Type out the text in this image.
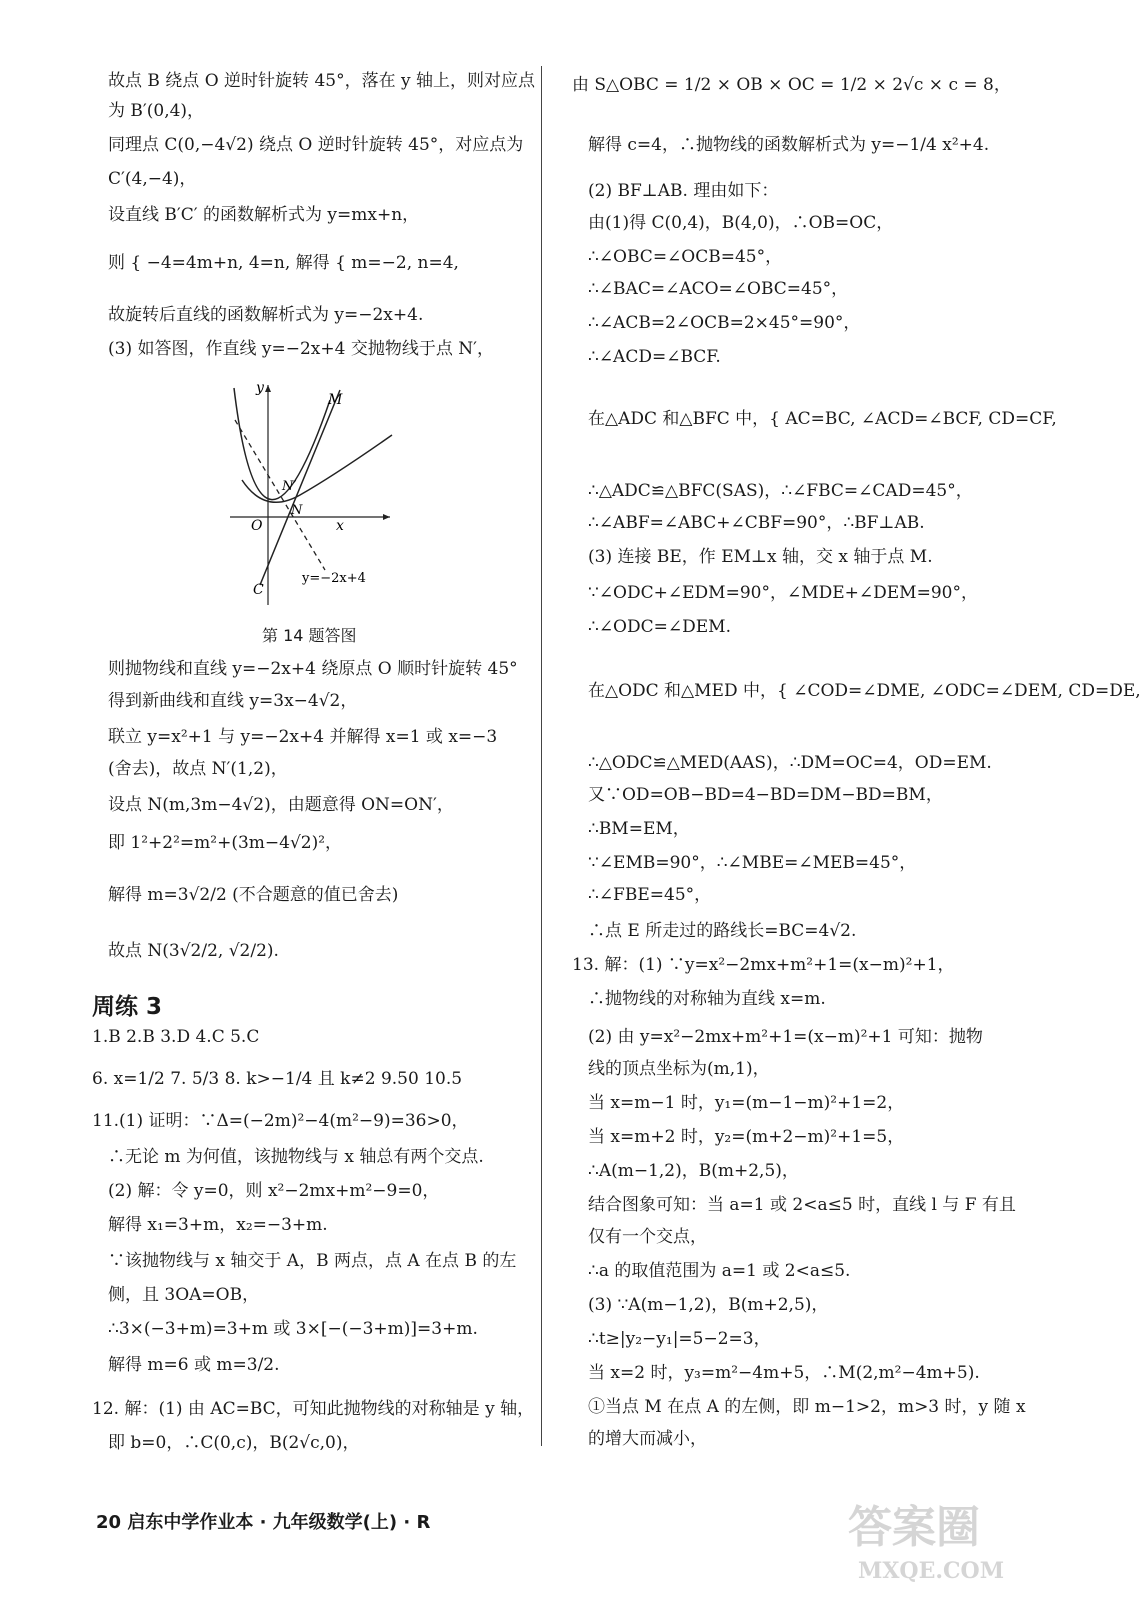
故点 B 绕点 O 逆时针旋转 45°，落在 y 轴上，则对应点
为 B′(0,4)，
同理点 C(0,−4√2) 绕点 O 逆时针旋转 45°，对应点为
C′(4,−4)，
设直线 B′C′ 的函数解析式为 y=mx+n，
则 { −4=4m+n, 4=n, 解得 { m=−2, n=4,
故旋转后直线的函数解析式为 y=−2x+4.
(3) 如答图，作直线 y=−2x+4 交抛物线于点 N′，
则抛物线和直线 y=−2x+4 绕原点 O 顺时针旋转 45°
得到新曲线和直线 y=3x−4√2，
联立 y=x²+1 与 y=−2x+4 并解得 x=1 或 x=−3
(舍去)，故点 N′(1,2)，
设点 N(m,3m−4√2)，由题意得 ON=ON′，
即 1²+2²=m²+(3m−4√2)²，
解得 m=3√2/2 (不合题意的值已舍去)
故点 N(3√2/2, √2/2).
1.B 2.B 3.D 4.C 5.C
6. x=1/2 7. 5/3 8. k>−1/4 且 k≠2 9.50 10.5
11.(1) 证明：∵Δ=(−2m)²−4(m²−9)=36>0，
∴无论 m 为何值，该抛物线与 x 轴总有两个交点.
(2) 解：令 y=0，则 x²−2mx+m²−9=0，
解得 x₁=3+m，x₂=−3+m.
∵该抛物线与 x 轴交于 A，B 两点，点 A 在点 B 的左
侧，且 3OA=OB，
∴3×(−3+m)=3+m 或 3×[−(−3+m)]=3+m.
解得 m=6 或 m=3/2.
12. 解：(1) 由 AC=BC，可知此抛物线的对称轴是 y 轴，
即 b=0，∴C(0,c)，B(2√c,0)，
由 S△OBC = 1/2 × OB × OC = 1/2 × 2√c × c = 8，
解得 c=4，∴抛物线的函数解析式为 y=−1/4 x²+4.
(2) BF⊥AB. 理由如下：
由(1)得 C(0,4)，B(4,0)，∴OB=OC，
∴∠OBC=∠OCB=45°，
∴∠BAC=∠ACO=∠OBC=45°，
∴∠ACB=2∠OCB=2×45°=90°，
∴∠ACD=∠BCF.
在△ADC 和△BFC 中，{ AC=BC, ∠ACD=∠BCF, CD=CF,
∴△ADC≌△BFC(SAS)，∴∠FBC=∠CAD=45°，
∴∠ABF=∠ABC+∠CBF=90°，∴BF⊥AB.
(3) 连接 BE，作 EM⊥x 轴，交 x 轴于点 M.
∵∠ODC+∠EDM=90°，∠MDE+∠DEM=90°，
∴∠ODC=∠DEM.
在△ODC 和△MED 中，{ ∠COD=∠DME, ∠ODC=∠DEM, CD=DE,
∴△ODC≌△MED(AAS)，∴DM=OC=4，OD=EM.
又∵OD=OB−BD=4−BD=DM−BD=BM，
∴BM=EM，
∵∠EMB=90°，∴∠MBE=∠MEB=45°，
∴∠FBE=45°，
∴点 E 所走过的路线长=BC=4√2.
13. 解：(1) ∵y=x²−2mx+m²+1=(x−m)²+1，
∴抛物线的对称轴为直线 x=m.
(2) 由 y=x²−2mx+m²+1=(x−m)²+1 可知：抛物
线的顶点坐标为(m,1)，
当 x=m−1 时，y₁=(m−1−m)²+1=2，
当 x=m+2 时，y₂=(m+2−m)²+1=5，
∴A(m−1,2)，B(m+2,5)，
结合图象可知：当 a=1 或 2<a≤5 时，直线 l 与 F 有且
仅有一个交点，
∴a 的取值范围为 a=1 或 2<a≤5.
(3) ∵A(m−1,2)，B(m+2,5)，
∴t≥|y₂−y₁|=5−2=3，
当 x=2 时，y₃=m²−4m+5，∴M(2,m²−4m+5).
①当点 M 在点 A 的左侧，即 m−1>2，m>3 时，y 随 x
的增大而减小，
y
x
O
M
N′
N
C
y=−2x+4
第 14 题答图
20 启东中学作业本 · 九年级数学(上) · R	答案圈
MXQE.COM
周练 3
